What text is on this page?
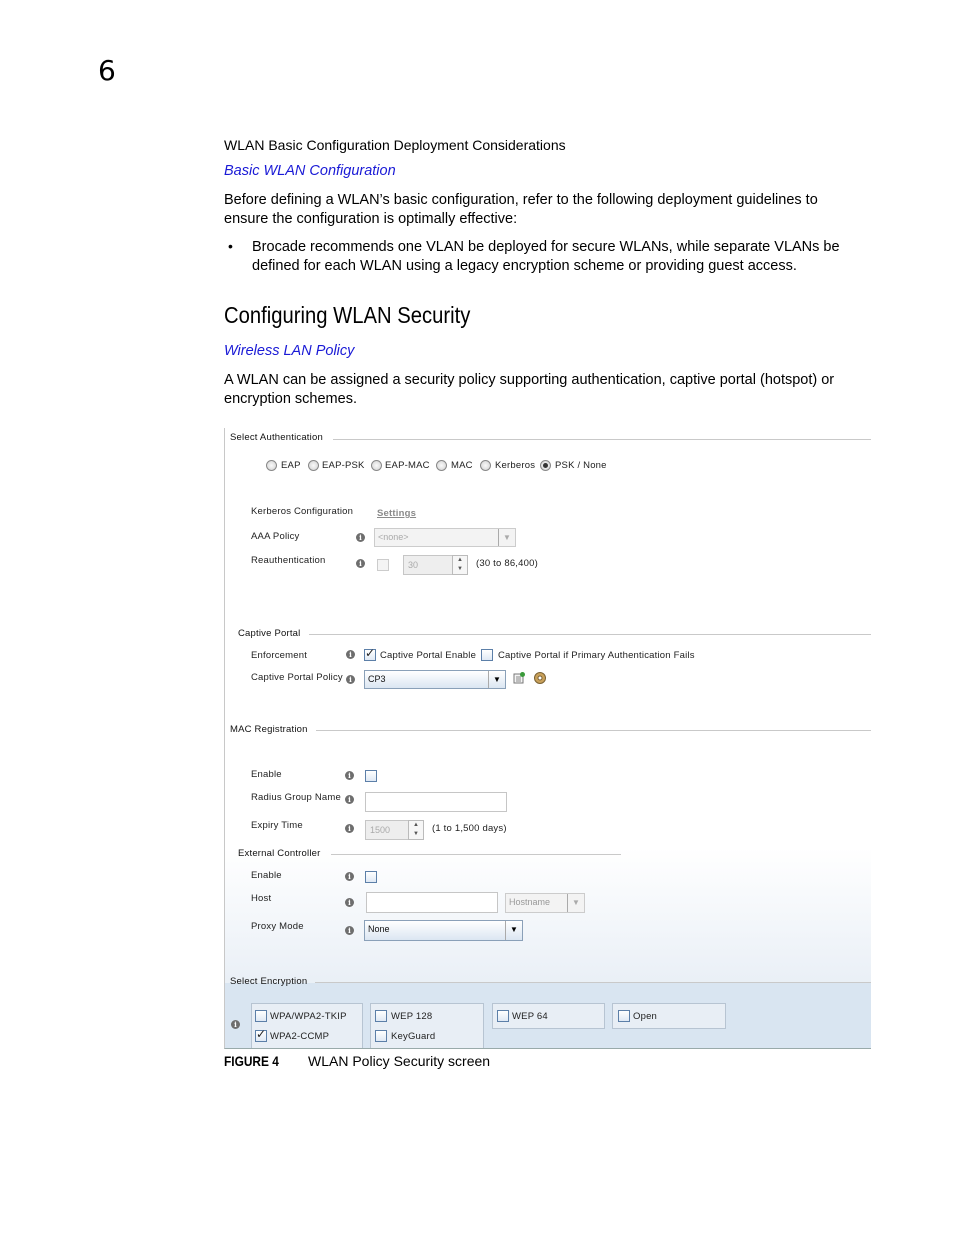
6
WLAN Basic Configuration Deployment Considerations
Basic WLAN Configuration
Before defining a WLAN’s basic configuration, refer to the following deployment guidelines to ensure the configuration is optimally effective:
• Brocade recommends one VLAN be deployed for secure WLANs, while separate VLANs be defined for each WLAN using a legacy encryption scheme or providing guest access.
Configuring WLAN Security
Wireless LAN Policy
A WLAN can be assigned a security policy supporting authentication, captive portal (hotspot) or encryption schemes.
Select Authentication
EAP EAP-PSK EAP-MAC MAC Kerberos PSK / None
Kerberos Configuration	Settings
AAA Policy	i	<none>	▼
Reauthentication	i	30	▲
▼	(30 to 86,400)
Captive Portal
Enforcement	i
✓	Captive Portal Enable Captive Portal if Primary Authentication Fails
Captive Portal Policy i	CP3	▼
MAC Registration
Enable	i
Radius Group Name	i
Expiry Time	i	1500	▲
▼	(1 to 1,500 days)
External Controller
Enable	i
Host	i	Hostname	▼
Proxy Mode	i	None	▼
Select Encryption
i
WPA/WPA2-TKIP
✓
WPA2-CCMP
WEP 128
KeyGuard
WEP 64	Open
FIGURE 4 WLAN Policy Security screen
